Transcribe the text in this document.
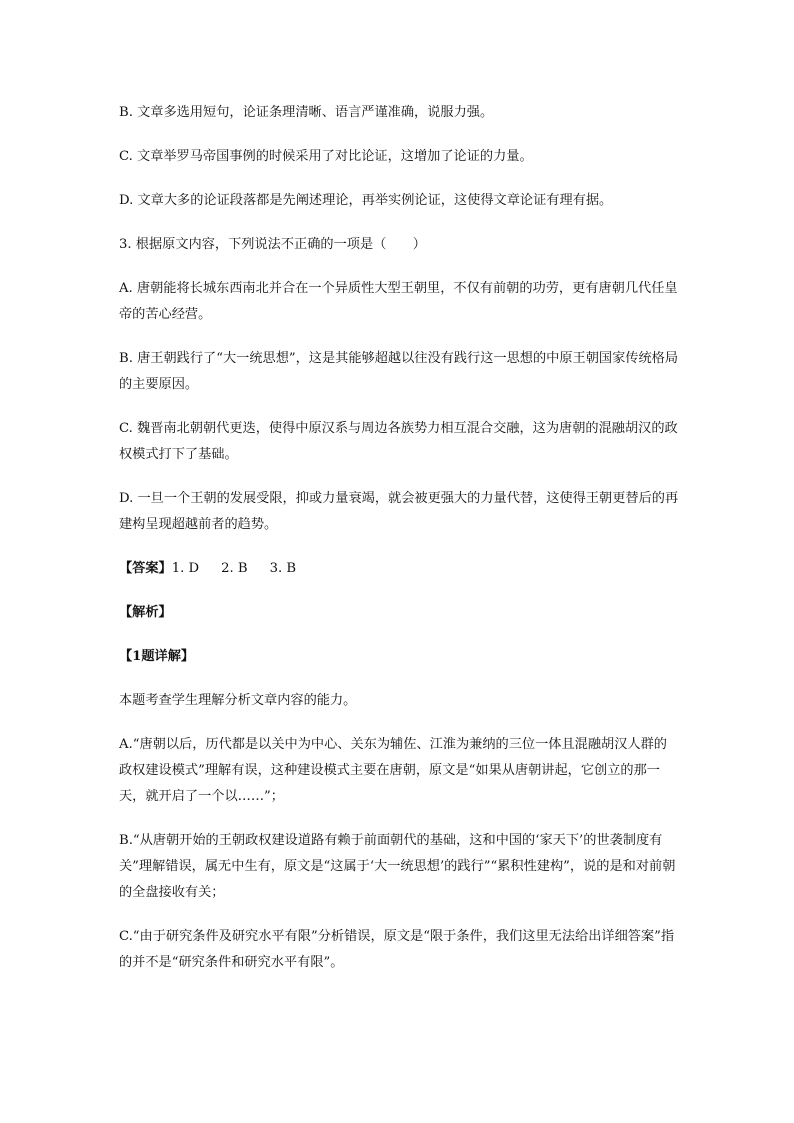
B. 文章多选用短句，论证条理清晰、语言严谨准确，说服力强。

C. 文章举罗马帝国事例的时候采用了对比论证，这增加了论证的力量。

D. 文章大多的论证段落都是先阐述理论，再举实例论证，这使得文章论证有理有据。

3. 根据原文内容，下列说法不正确的一项是（　　）

A. 唐朝能将长城东西南北并合在一个异质性大型王朝里，不仅有前朝的功劳，更有唐朝几代任皇帝的苦心经营。

B. 唐王朝践行了“大一统思想”，这是其能够超越以往没有践行这一思想的中原王朝国家传统格局的主要原因。

C. 魏晋南北朝朝代更迭，使得中原汉系与周边各族势力相互混合交融，这为唐朝的混融胡汉的政权模式打下了基础。

D. 一旦一个王朝的发展受限，抑或力量衰竭，就会被更强大的力量代替，这使得王朝更替后的再建构呈现超越前者的趋势。

【答案】1. D 2. B 3. B

【解析】

【1题详解】

本题考查学生理解分析文章内容的能力。

A.“唐朝以后，历代都是以关中为中心、关东为辅佐、江淮为兼纳的三位一体且混融胡汉人群的政权建设模式”理解有误，这种建设模式主要在唐朝，原文是“如果从唐朝讲起，它创立的那一天，就开启了一个以……”；

B.“从唐朝开始的王朝政权建设道路有赖于前面朝代的基础，这和中国的‘家天下’的世袭制度有关”理解错误，属无中生有，原文是“这属于‘大一统思想’的践行”“累积性建构”，说的是和对前朝的全盘接收有关；

C.“由于研究条件及研究水平有限”分析错误，原文是“限于条件，我们这里无法给出详细答案”指的并不是“研究条件和研究水平有限”。
